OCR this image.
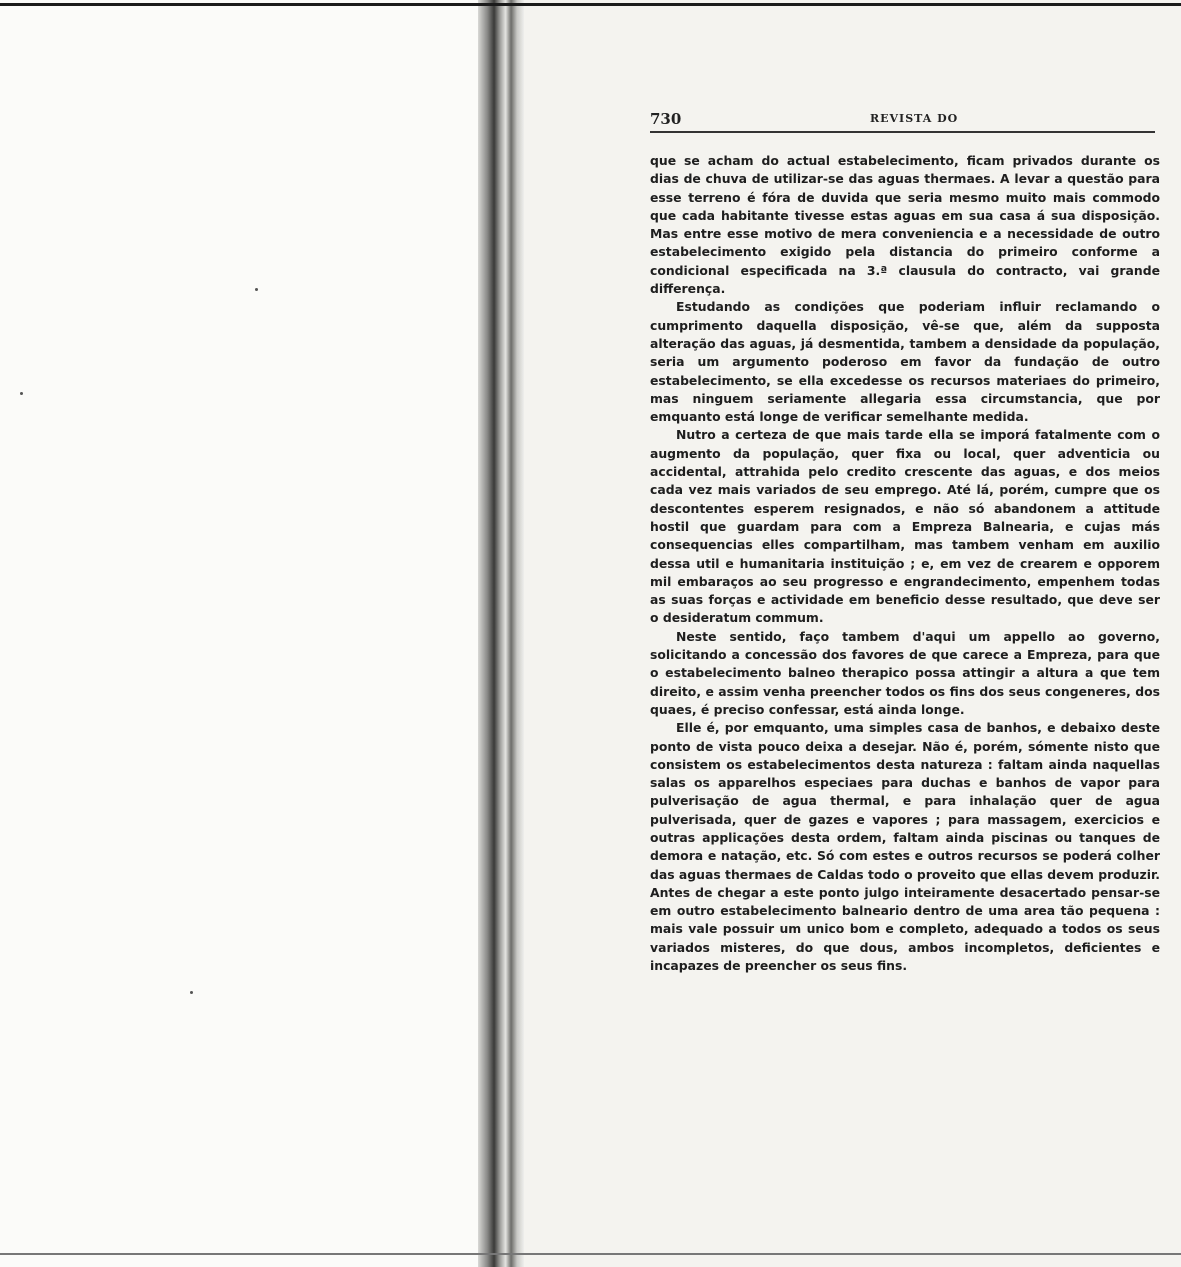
730	REVISTA DO

que se acham do actual estabelecimento, ficam privados durante os dias de chuva de utilizar-se das aguas thermaes. A levar a questão para esse terreno é fóra de duvida que seria mesmo muito mais commodo que cada habitante tivesse estas aguas em sua casa á sua disposição. Mas entre esse motivo de mera conveniencia e a necessidade de outro estabelecimento exigido pela distancia do primeiro conforme a condicional especificada na 3.ª clausula do contracto, vai grande differença.

Estudando as condições que poderiam influir reclamando o cumprimento daquella disposição, vê-se que, além da supposta alteração das aguas, já desmentida, tambem a densidade da população, seria um argumento poderoso em favor da fundação de outro estabelecimento, se ella excedesse os recursos materiaes do primeiro, mas ninguem seriamente allegaria essa circumstancia, que por emquanto está longe de verificar semelhante medida.

Nutro a certeza de que mais tarde ella se imporá fatalmente com o augmento da população, quer fixa ou local, quer adventicia ou accidental, attrahida pelo credito crescente das aguas, e dos meios cada vez mais variados de seu emprego. Até lá, porém, cumpre que os descontentes esperem resignados, e não só abandonem a attitude hostil que guardam para com a Empreza Balnearia, e cujas más consequencias elles compartilham, mas tambem venham em auxilio dessa util e humanitaria instituição ; e, em vez de crearem e opporem mil embaraços ao seu progresso e engrandecimento, empenhem todas as suas forças e actividade em beneficio desse resultado, que deve ser o desideratum commum.

Neste sentido, faço tambem d'aqui um appello ao governo, solicitando a concessão dos favores de que carece a Empreza, para que o estabelecimento balneo therapico possa attingir a altura a que tem direito, e assim venha preencher todos os fins dos seus congeneres, dos quaes, é preciso confessar, está ainda longe.

Elle é, por emquanto, uma simples casa de banhos, e debaixo deste ponto de vista pouco deixa a desejar. Não é, porém, sómente nisto que consistem os estabelecimentos desta natureza : faltam ainda naquellas salas os apparelhos especiaes para duchas e banhos de vapor para pulverisação de agua thermal, e para inhalação quer de agua pulverisada, quer de gazes e vapores ; para massagem, exercicios e outras applicações desta ordem, faltam ainda piscinas ou tanques de demora e natação, etc. Só com estes e outros recursos se poderá colher das aguas thermaes de Caldas todo o proveito que ellas devem produzir. Antes de chegar a este ponto julgo inteiramente desacertado pensar-se em outro estabelecimento balneario dentro de uma area tão pequena : mais vale possuir um unico bom e completo, adequado a todos os seus variados misteres, do que dous, ambos incompletos, deficientes e incapazes de preencher os seus fins.
